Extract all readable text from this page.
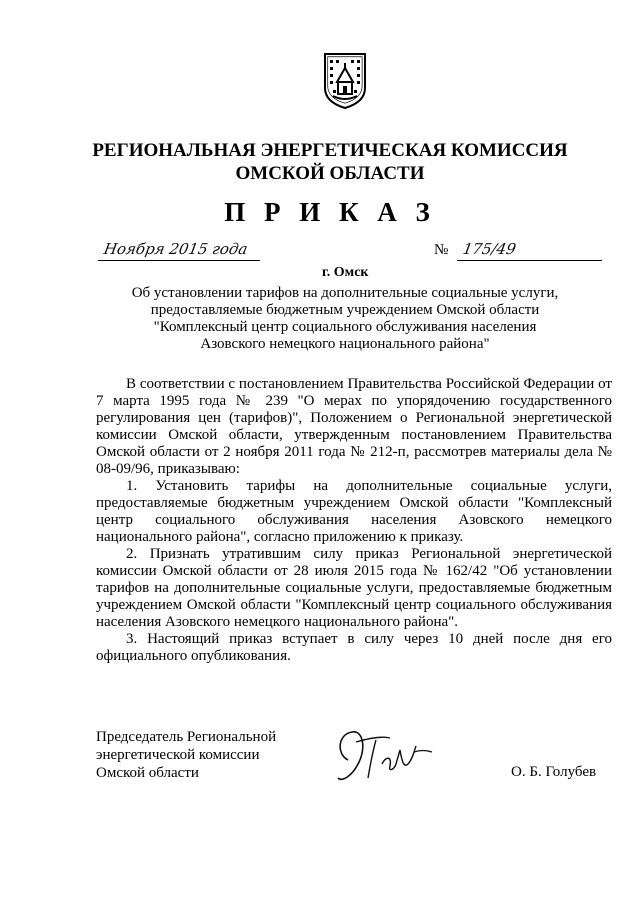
РЕГИОНАЛЬНАЯ ЭНЕРГЕТИЧЕСКАЯ КОМИССИЯ
ОМСКОЙ ОБЛАСТИ
П Р И К А З
Ноября 2015 года	№ 175/49
г. Омск
Об установлении тарифов на дополнительные социальные услуги,
предоставляемые бюджетным учреждением Омской области
"Комплексный центр социального обслуживания населения
Азовского немецкого национального района"

В соответствии с постановлением Правительства Российской Федерации от 7 марта 1995 года № 239 "О мерах по упорядочению государственного регулирования цен (тарифов)", Положением о Региональной энергетической комиссии Омской области, утвержденным постановлением Правительства Омской области от 2 ноября 2011 года № 212-п, рассмотрев материалы дела № 08-09/96, приказываю:

1. Установить тарифы на дополнительные социальные услуги, предоставляемые бюджетным учреждением Омской области "Комплексный центр социального обслуживания населения Азовского немецкого национального района", согласно приложению к приказу.

2. Признать утратившим силу приказ Региональной энергетической комиссии Омской области от 28 июля 2015 года № 162/42 "Об установлении тарифов на дополнительные социальные услуги, предоставляемые бюджетным учреждением Омской области "Комплексный центр социального обслуживания населения Азовского немецкого национального района".

3. Настоящий приказ вступает в силу через 10 дней после дня его официального опубликования.

Председатель Региональной
энергетической комиссии
Омской области	О. Б. Голубев
